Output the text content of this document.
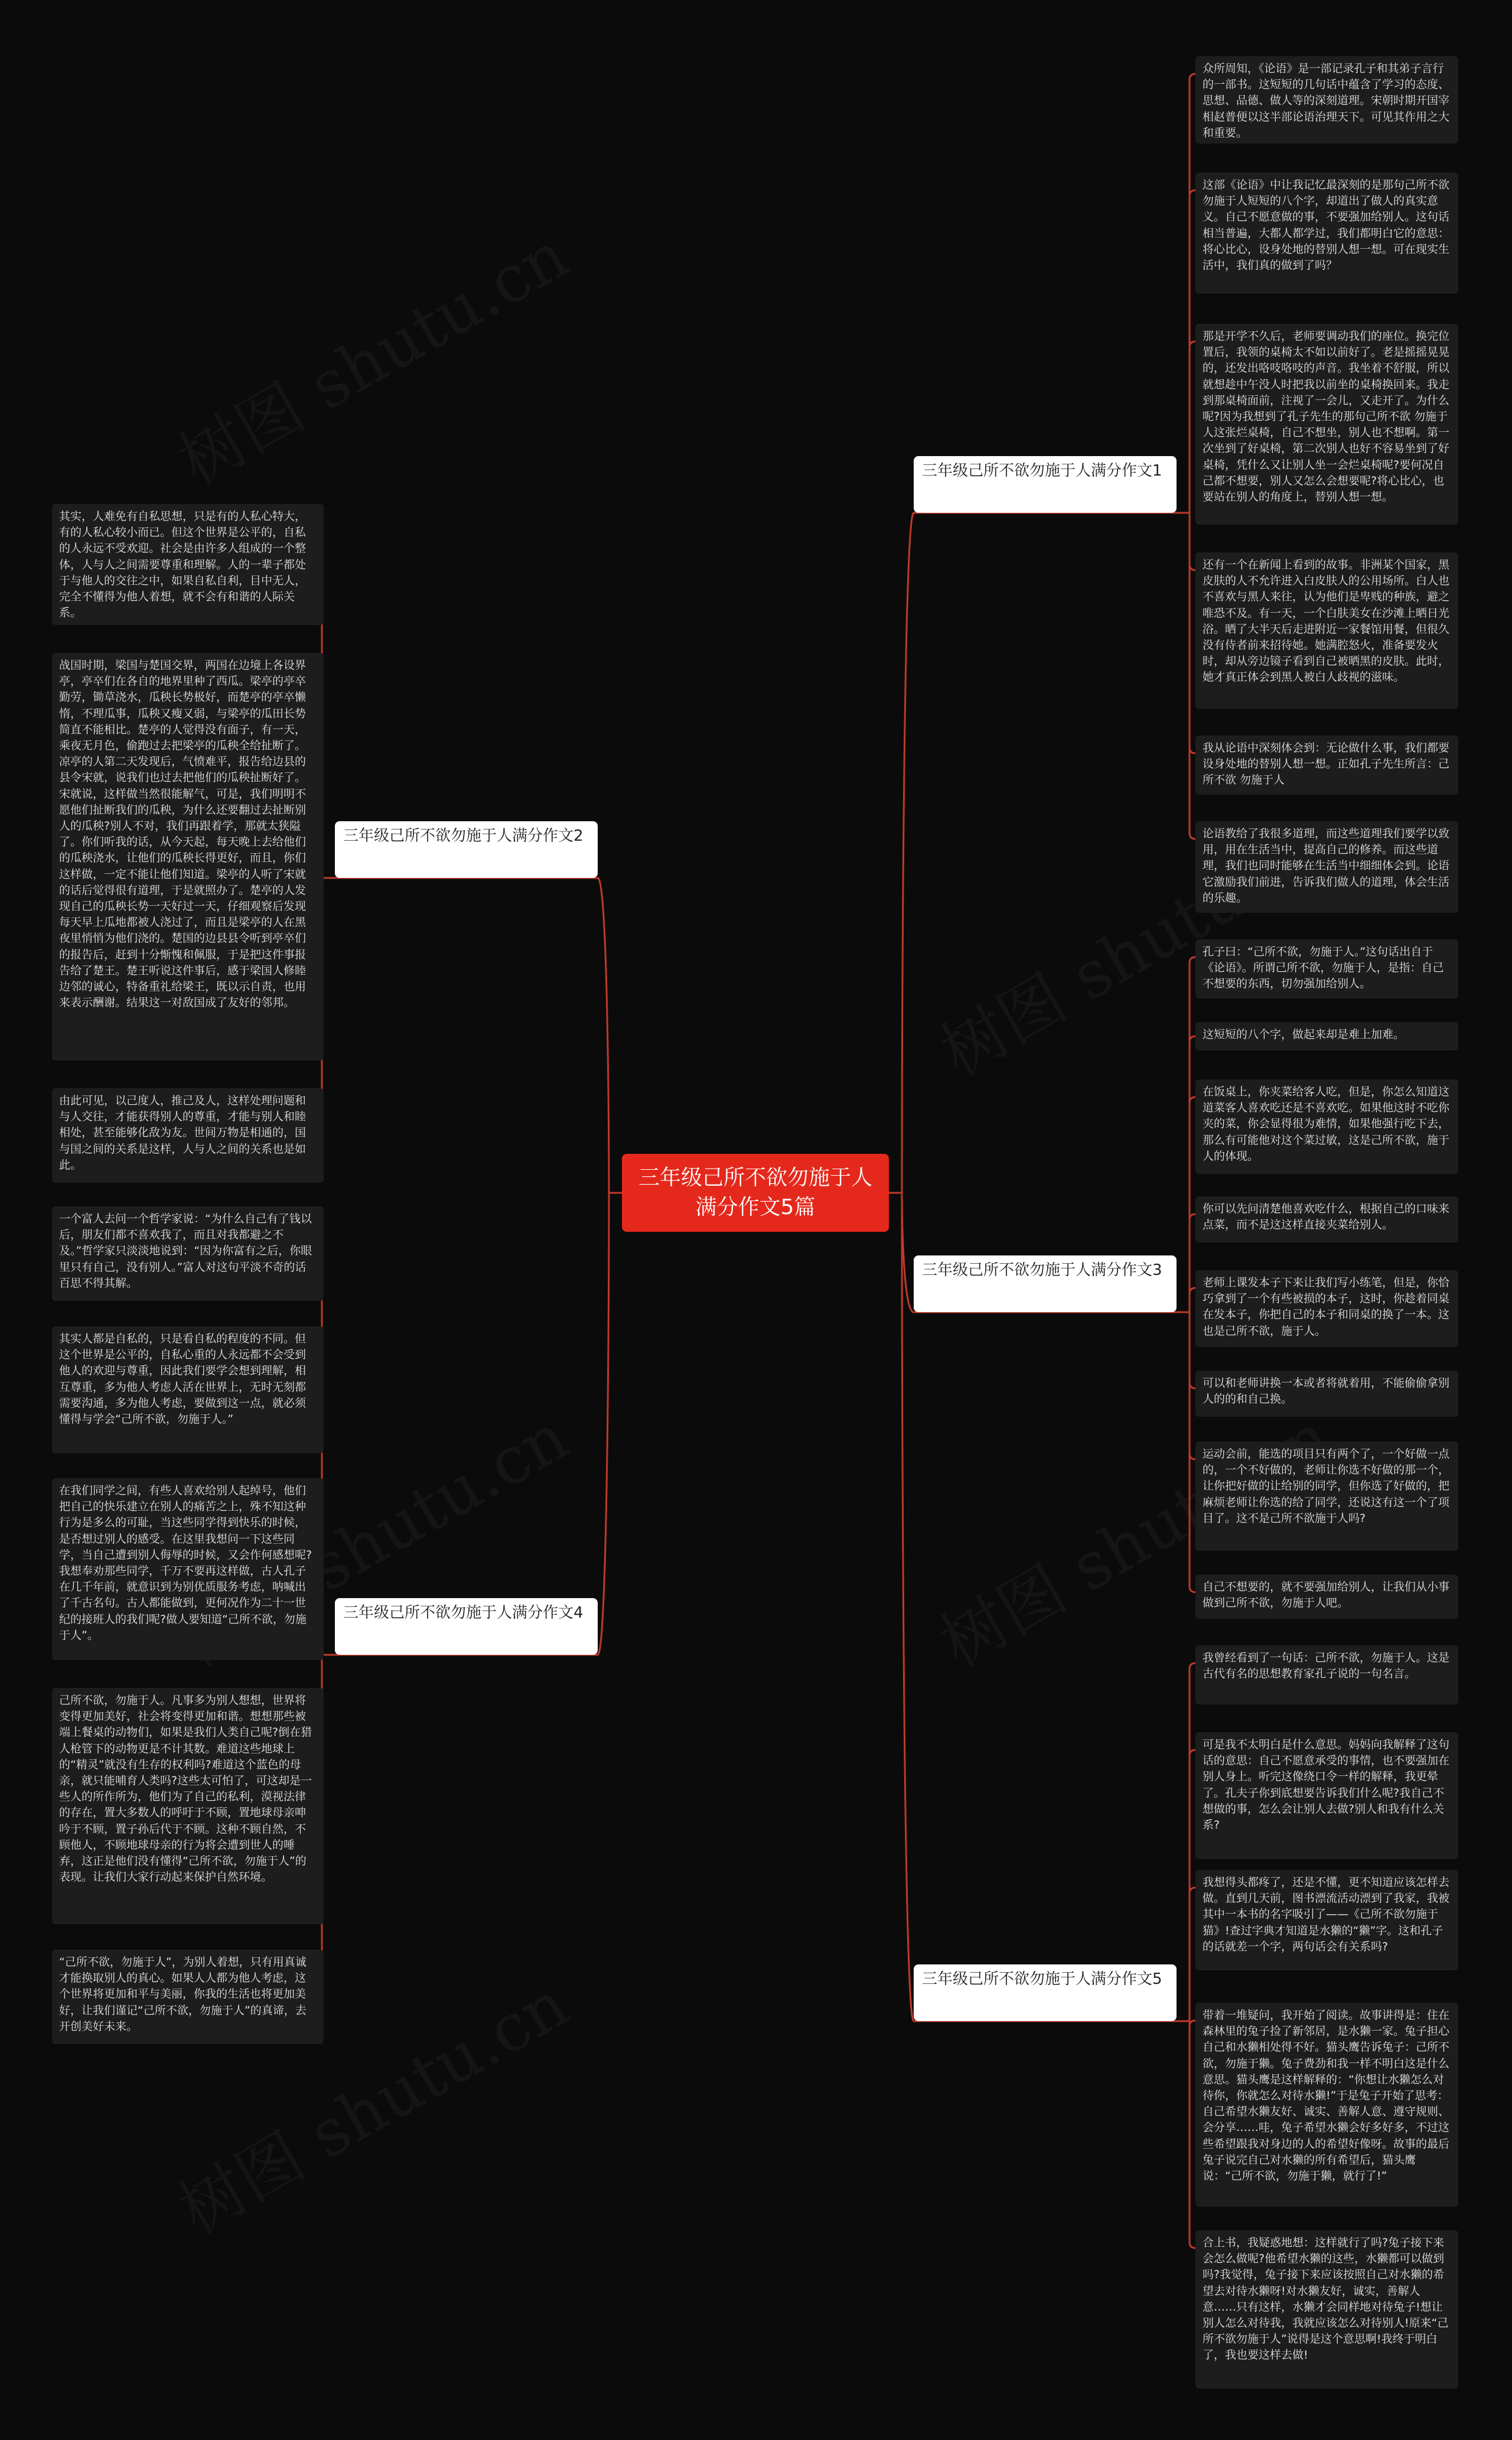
三年级己所不欲勿施于人满分作文5篇
三年级己所不欲勿施于人满分作文1
众所周知，《论语》是一部记录孔子和其弟子言行的一部书。这短短的几句话中蕴含了学习的态度、思想、品德、做人等的深刻道理。宋朝时期开国宰相赵普便以这半部论语治理天下。可见其作用之大和重要。
这部《论语》中让我记忆最深刻的是那句己所不欲 勿施于人短短的八个字，却道出了做人的真实意义。自己不愿意做的事，不要强加给别人。这句话相当普遍，大都人都学过，我们都明白它的意思：将心比心，设身处地的替别人想一想。可在现实生活中，我们真的做到了吗？
那是开学不久后，老师要调动我们的座位。换完位置后，我领的桌椅太不如以前好了。老是摇摇晃晃的，还发出咯吱咯吱的声音。我坐着不舒服，所以就想趁中午没人时把我以前坐的桌椅换回来。我走到那桌椅面前，注视了一会儿，又走开了。为什么呢?因为我想到了孔子先生的那句己所不欲 勿施于人这张烂桌椅，自己不想坐，别人也不想啊。第一次坐到了好桌椅，第二次别人也好不容易坐到了好桌椅，凭什么又让别人坐一会烂桌椅呢?要何况自己都不想要，别人又怎么会想要呢?将心比心，也要站在别人的角度上，替别人想一想。
还有一个在新闻上看到的故事。非洲某个国家，黑皮肤的人不允许进入白皮肤人的公用场所。白人也不喜欢与黑人来往，认为他们是卑贱的种族，避之唯恐不及。有一天，一个白肤美女在沙滩上晒日光浴。晒了大半天后走进附近一家餐馆用餐，但很久没有侍者前来招待她。她满腔怒火，准备要发火时，却从旁边镜子看到自己被晒黑的皮肤。此时，她才真正体会到黑人被白人歧视的滋味。
我从论语中深刻体会到：无论做什么事，我们都要设身处地的替别人想一想。正如孔子先生所言：己所不欲 勿施于人
论语教给了我很多道理，而这些道理我们要学以致用，用在生活当中，提高自己的修养。而这些道理，我们也同时能够在生活当中细细体会到。论语它激励我们前进，告诉我们做人的道理，体会生活的乐趣。
三年级己所不欲勿施于人满分作文2
其实，人难免有自私思想，只是有的人私心特大，有的人私心较小而已。但这个世界是公平的，自私的人永远不受欢迎。社会是由许多人组成的一个整体，人与人之间需要尊重和理解。人的一辈子都处于与他人的交往之中，如果自私自利，目中无人，完全不懂得为他人着想，就不会有和谐的人际关系。
战国时期，梁国与楚国交界，两国在边境上各设界亭，亭卒们在各自的地界里种了西瓜。梁亭的亭卒勤劳，锄草浇水，瓜秧长势极好，而楚亭的亭卒懒惰，不理瓜事，瓜秧又瘦又弱，与梁亭的瓜田长势简直不能相比。楚亭的人觉得没有面子，有一天，乘夜无月色，偷跑过去把梁亭的瓜秧全给扯断了。凉亭的人第二天发现后，气愤难平，报告给边县的县令宋就，说我们也过去把他们的瓜秧扯断好了。宋就说，这样做当然很能解气，可是，我们明明不愿他们扯断我们的瓜秧，为什么还要翻过去扯断别人的瓜秧?别人不对，我们再跟着学，那就太狭隘了。你们听我的话，从今天起，每天晚上去给他们的瓜秧浇水，让他们的瓜秧长得更好，而且，你们这样做，一定不能让他们知道。梁亭的人听了宋就的话后觉得很有道理，于是就照办了。楚亭的人发现自己的瓜秧长势一天好过一天，仔细观察后发现每天早上瓜地都被人浇过了，而且是梁亭的人在黑夜里悄悄为他们浇的。楚国的边县县令听到亭卒们的报告后，赶到十分惭愧和佩服，于是把这件事报告给了楚王。楚王听说这件事后，感于梁国人修睦边邻的诚心，特备重礼给梁王，既以示自责，也用来表示酬谢。结果这一对敌国成了友好的邻邦。
由此可见，以己度人，推己及人，这样处理问题和与人交往，才能获得别人的尊重，才能与别人和睦相处，甚至能够化敌为友。世间万物是相通的，国与国之间的关系是这样，人与人之间的关系也是如此。
三年级己所不欲勿施于人满分作文3
孔子曰：“己所不欲，勿施于人。”这句话出自于《论语》。所谓己所不欲，勿施于人，是指：自己不想要的东西，切勿强加给别人。
这短短的八个字，做起来却是难上加难。
在饭桌上，你夹菜给客人吃，但是，你怎么知道这道菜客人喜欢吃还是不喜欢吃。如果他这时不吃你夹的菜，你会显得很为难情，如果他强行吃下去，那么有可能他对这个菜过敏，这是己所不欲，施于人的体现。
你可以先问清楚他喜欢吃什么，根据自己的口味来点菜，而不是这这样直接夹菜给别人。
老师上课发本子下来让我们写小练笔，但是，你恰巧拿到了一个有些被损的本子，这时，你趁着同桌在发本子，你把自己的本子和同桌的换了一本。这也是己所不欲，施于人。
可以和老师讲换一本或者将就着用，不能偷偷拿别人的的和自己换。
运动会前，能选的项目只有两个了，一个好做一点的，一个不好做的，老师让你选不好做的那一个，让你把好做的让给别的同学，但你选了好做的，把麻烦老师让你选的给了同学，还说这有这一个了项目了。这不是己所不欲施于人吗?
自己不想要的，就不要强加给别人，让我们从小事做到己所不欲，勿施于人吧。
三年级己所不欲勿施于人满分作文4
一个富人去问一个哲学家说：“为什么自己有了钱以后，朋友们都不喜欢我了，而且对我都避之不及。”哲学家只淡淡地说到：“因为你富有之后，你眼里只有自己，没有别人。”富人对这句平淡不奇的话百思不得其解。
其实人都是自私的，只是看自私的程度的不同。但这个世界是公平的，自私心重的人永远都不会受到他人的欢迎与尊重，因此我们要学会想到理解，相互尊重，多为他人考虑人活在世界上，无时无刻都需要沟通，多为他人考虑，要做到这一点，就必须懂得与学会“己所不欲，勿施于人。”
在我们同学之间，有些人喜欢给别人起绰号，他们把自己的快乐建立在别人的痛苦之上，殊不知这种行为是多么的可耻，当这些同学得到快乐的时候，是否想过别人的感受。在这里我想问一下这些同学，当自己遭到别人侮辱的时候，又会作何感想呢?我想奉劝那些同学，千万不要再这样做，古人孔子在几千年前，就意识到为别优质服务考虑，呐喊出了千古名句。古人都能做到，更何况作为二十一世纪的接班人的我们呢?做人要知道“己所不欲，勿施于人”。
己所不欲，勿施于人。凡事多为别人想想，世界将变得更加美好，社会将变得更加和谐。想想那些被端上餐桌的动物们，如果是我们人类自己呢?倒在猎人枪管下的动物更是不计其数。难道这些地球上的“精灵”就没有生存的权利吗?难道这个蓝色的母亲，就只能哺育人类吗?这些太可怕了，可这却是一些人的所作所为，他们为了自己的私利，漠视法律的存在，置大多数人的呼吁于不顾，置地球母亲呻吟于不顾，置子孙后代于不顾。这种不顾自然，不顾他人，不顾地球母亲的行为将会遭到世人的唾弃，这正是他们没有懂得“己所不欲，勿施于人”的表现。让我们大家行动起来保护自然环境。
“己所不欲，勿施于人”，为别人着想，只有用真诚才能换取别人的真心。如果人人都为他人考虑，这个世界将更加和平与美丽，你我的生活也将更加美好，让我们谨记“己所不欲，勿施于人”的真谛，去开创美好未来。
三年级己所不欲勿施于人满分作文5
我曾经看到了一句话：己所不欲，勿施于人。这是古代有名的思想教育家孔子说的一句名言。
可是我不太明白是什么意思。妈妈向我解释了这句话的意思：自己不愿意承受的事情，也不要强加在别人身上。听完这像绕口令一样的解释，我更晕了。孔夫子你到底想要告诉我们什么呢?我自己不想做的事，怎么会让别人去做?别人和我有什么关系?
我想得头都疼了，还是不懂，更不知道应该怎样去做。直到几天前，图书漂流活动漂到了我家，我被其中一本书的名字吸引了——《己所不欲勿施于猫》!查过字典才知道是水獭的“獭”字。这和孔子的话就差一个字，两句话会有关系吗?
带着一堆疑问，我开始了阅读。故事讲得是：住在森林里的兔子捡了新邻居，是水獭一家。兔子担心自己和水獭相处得不好。猫头鹰告诉兔子：己所不欲，勿施于獭。兔子费劲和我一样不明白这是什么意思。猫头鹰是这样解释的：“你想让水獭怎么对待你，你就怎么对待水獭!”于是兔子开始了思考：自己希望水獭友好、诚实、善解人意、遵守规则、会分享……哇，兔子希望水獭会好多好多，不过这些希望跟我对身边的人的希望好像呀。故事的最后兔子说完自己对水獭的所有希望后，猫头鹰说：“己所不欲，勿施于獭，就行了!”
合上书，我疑惑地想：这样就行了吗?兔子接下来会怎么做呢?他希望水獭的这些，水獭都可以做到吗?我觉得，兔子接下来应该按照自己对水獭的希望去对待水獭呀!对水獭友好，诚实，善解人意……只有这样，水獭才会同样地对待兔子!想让别人怎么对待我，我就应该怎么对待别人!原来“己所不欲勿施于人”说得是这个意思啊!我终于明白了，我也要这样去做!
